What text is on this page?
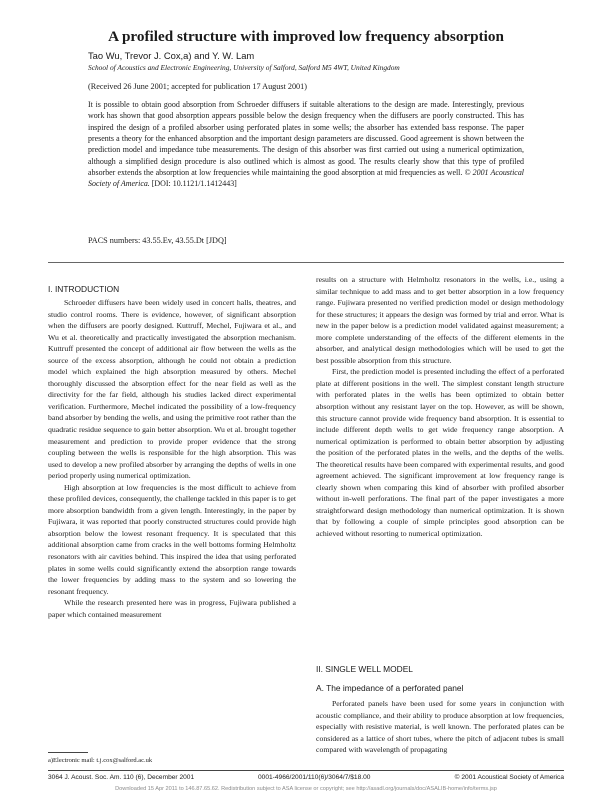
A profiled structure with improved low frequency absorption
Tao Wu, Trevor J. Cox,a) and Y. W. Lam
School of Acoustics and Electronic Engineering, University of Salford, Salford M5 4WT, United Kingdom
(Received 26 June 2001; accepted for publication 17 August 2001)
It is possible to obtain good absorption from Schroeder diffusers if suitable alterations to the design are made. Interestingly, previous work has shown that good absorption appears possible below the design frequency when the diffusers are poorly constructed. This has inspired the design of a profiled absorber using perforated plates in some wells; the absorber has extended bass response. The paper presents a theory for the enhanced absorption and the important design parameters are discussed. Good agreement is shown between the prediction model and impedance tube measurements. The design of this absorber was first carried out using a numerical optimization, although a simplified design procedure is also outlined which is almost as good. The results clearly show that this type of profiled absorber extends the absorption at low frequencies while maintaining the good absorption at mid frequencies as well. © 2001 Acoustical Society of America. [DOI: 10.1121/1.1412443]
PACS numbers: 43.55.Ev, 43.55.Dt [JDQ]
I. INTRODUCTION

Schroeder diffusers have been widely used in concert halls, theatres, and studio control rooms. There is evidence, however, of significant absorption when the diffusers are poorly designed. Kuttruff, Mechel, Fujiwara et al., and Wu et al. theoretically and practically investigated the absorption mechanism. Kuttruff presented the concept of additional air flow between the wells as the source of the excess absorption, although he could not obtain a prediction model which explained the high absorption measured by others. Mechel thoroughly discussed the absorption effect for the near field as well as the directivity for the far field, although his studies lacked direct experimental verification. Furthermore, Mechel indicated the possibility of a low-frequency band absorber by bending the wells, and using the primitive root rather than the quadratic residue sequence to gain better absorption. Wu et al. brought together measurement and prediction to provide proper evidence that the strong coupling between the wells is responsible for the high absorption. This was used to develop a new profiled absorber by arranging the depths of wells in one period properly using numerical optimization.

High absorption at low frequencies is the most difficult to achieve from these profiled devices, consequently, the challenge tackled in this paper is to get more absorption bandwidth from a given length. Interestingly, in the paper by Fujiwara, it was reported that poorly constructed structures could provide high absorption below the lowest resonant frequency. It is speculated that this additional absorption came from cracks in the well bottoms forming Helmholtz resonators with air cavities behind. This inspired the idea that using perforated plates in some wells could significantly extend the absorption range towards the lower frequencies by adding mass to the system and so lowering the resonant frequency.

While the research presented here was in progress, Fujiwara published a paper which contained measurement

results on a structure with Helmholtz resonators in the wells, i.e., using a similar technique to add mass and to get better absorption in a low frequency range. Fujiwara presented no verified prediction model or design methodology for these structures; it appears the design was formed by trial and error. What is new in the paper below is a prediction model validated against measurement; a more complete understanding of the effects of the different elements in the absorber, and analytical design methodologies which will be used to get the best possible absorption from this structure.

First, the prediction model is presented including the effect of a perforated plate at different positions in the well. The simplest constant length structure with perforated plates in the wells has been optimized to obtain better absorption without any resistant layer on the top. However, as will be shown, this structure cannot provide wide frequency band absorption. It is essential to include different depth wells to get wide frequency range absorption. A numerical optimization is performed to obtain better absorption by adjusting the position of the perforated plates in the wells, and the depths of the wells. The theoretical results have been compared with experimental results, and good agreement achieved. The significant improvement at low frequency range is clearly shown when comparing this kind of absorber with profiled absorber without in-well perforations. The final part of the paper investigates a more straightforward design methodology than numerical optimization. It is shown that by following a couple of simple principles good absorption can be achieved without resorting to numerical optimization.

II. SINGLE WELL MODEL
A. The impedance of a perforated panel

Perforated panels have been used for some years in conjunction with acoustic compliance, and their ability to produce absorption at low frequencies, especially with resistive material, is well known. The perforated plates can be considered as a lattice of short tubes, where the pitch of adjacent tubes is small compared with wavelength of propagating

a)Electronic mail: t.j.cox@salford.ac.uk
3064 J. Acoust. Soc. Am. 110 (6), December 2001	0001-4966/2001/110(6)/3064/7/$18.00	© 2001 Acoustical Society of America
Downloaded 15 Apr 2011 to 146.87.65.62. Redistribution subject to ASA license or copyright; see http://asadl.org/journals/doc/ASALIB-home/info/terms.jsp
